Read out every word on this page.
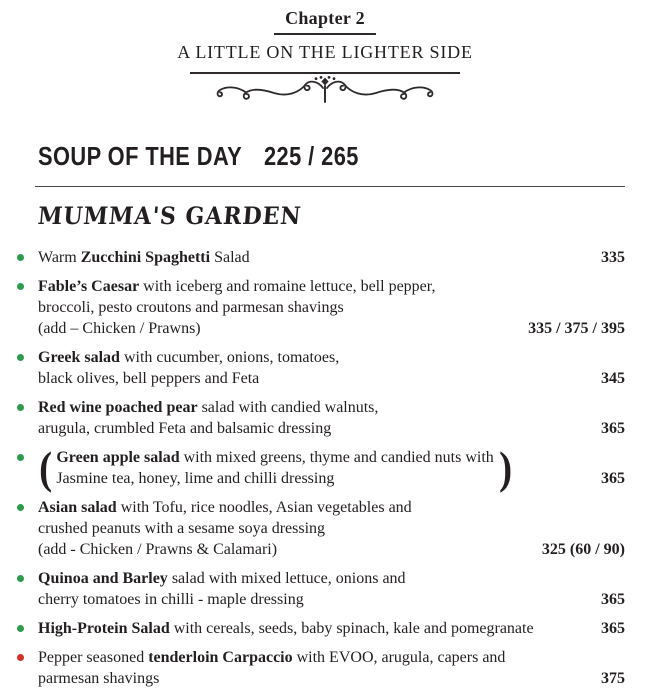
Chapter 2
A LITTLE ON THE LIGHTER SIDE
SOUP OF THE DAY 225 / 265
MUMMA'S GARDEN
Warm Zucchini Spaghetti Salad	335
Fable’s Caesar with iceberg and romaine lettuce, bell pepper,
broccoli, pesto croutons and parmesan shavings
(add – Chicken / Prawns)	335 / 375 / 395
Greek salad with cucumber, onions, tomatoes,
black olives, bell peppers and Feta	345
Red wine poached pear salad with candied walnuts,
arugula, crumbled Feta and balsamic dressing	365
( Green apple salad with mixed greens, thyme and candied nuts with
Jasmine tea, honey, lime and chilli dressing	)	365
Asian salad with Tofu, rice noodles, Asian vegetables and
crushed peanuts with a sesame soya dressing
(add - Chicken / Prawns & Calamari)	325 (60 / 90)
Quinoa and Barley salad with mixed lettuce, onions and
cherry tomatoes in chilli - maple dressing	365
High-Protein Salad with cereals, seeds, baby spinach, kale and pomegranate	365
Pepper seasoned tenderloin Carpaccio with EVOO, arugula, capers and
parmesan shavings	375
